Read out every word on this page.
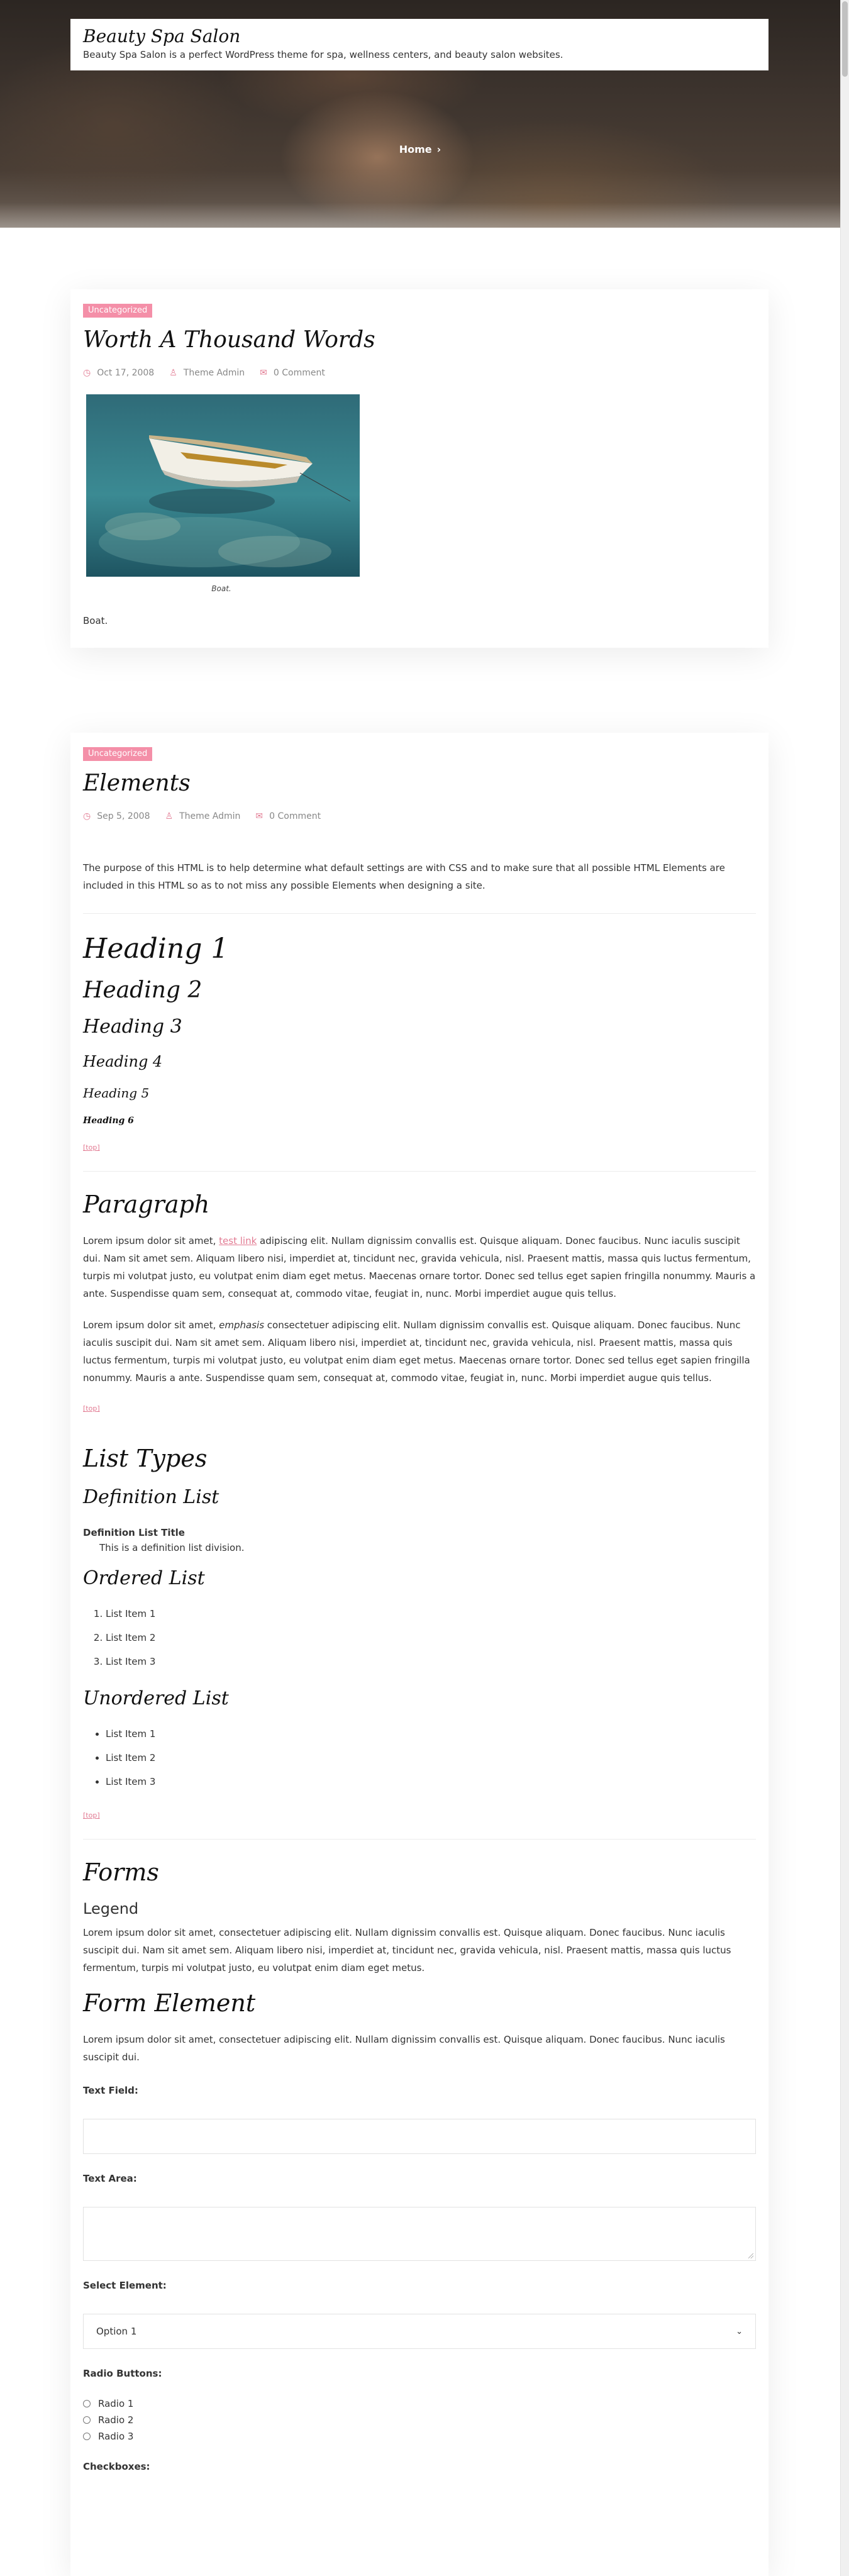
Beauty Spa Salon
Beauty Spa Salon is a perfect WordPress theme for spa, wellness centers, and beauty salon websites.
Home ›
Uncategorized
Worth A Thousand Words
◷ Oct 17, 2008 ♙ Theme Admin ✉ 0 Comment
Boat.
Boat.
Uncategorized
Elements
◷ Sep 5, 2008 ♙ Theme Admin ✉ 0 Comment

The purpose of this HTML is to help determine what default settings are with CSS and to make sure that all possible HTML Elements are included in this HTML so as to not miss any possible Elements when designing a site.

Heading 1
Heading 2
Heading 3
Heading 4
Heading 5
Heading 6
[top]
Paragraph

Lorem ipsum dolor sit amet, test link adipiscing elit. Nullam dignissim convallis est. Quisque aliquam. Donec faucibus. Nunc iaculis suscipit dui. Nam sit amet sem. Aliquam libero nisi, imperdiet at, tincidunt nec, gravida vehicula, nisl. Praesent mattis, massa quis luctus fermentum, turpis mi volutpat justo, eu volutpat enim diam eget metus. Maecenas ornare tortor. Donec sed tellus eget sapien fringilla nonummy. Mauris a ante. Suspendisse quam sem, consequat at, commodo vitae, feugiat in, nunc. Morbi imperdiet augue quis tellus.

Lorem ipsum dolor sit amet, emphasis consectetuer adipiscing elit. Nullam dignissim convallis est. Quisque aliquam. Donec faucibus. Nunc iaculis suscipit dui. Nam sit amet sem. Aliquam libero nisi, imperdiet at, tincidunt nec, gravida vehicula, nisl. Praesent mattis, massa quis luctus fermentum, turpis mi volutpat justo, eu volutpat enim diam eget metus. Maecenas ornare tortor. Donec sed tellus eget sapien fringilla nonummy. Mauris a ante. Suspendisse quam sem, consequat at, commodo vitae, feugiat in, nunc. Morbi imperdiet augue quis tellus.

[top]
List Types
Definition List
Definition List Title
This is a definition list division.
Ordered List
1. List Item 1
2. List Item 2
3. List Item 3
Unordered List
• List Item 1
• List Item 2
• List Item 3
[top]
Forms
Legend

Lorem ipsum dolor sit amet, consectetuer adipiscing elit. Nullam dignissim convallis est. Quisque aliquam. Donec faucibus. Nunc iaculis suscipit dui. Nam sit amet sem. Aliquam libero nisi, imperdiet at, tincidunt nec, gravida vehicula, nisl. Praesent mattis, massa quis luctus fermentum, turpis mi volutpat justo, eu volutpat enim diam eget metus.

Form Element

Lorem ipsum dolor sit amet, consectetuer adipiscing elit. Nullam dignissim convallis est. Quisque aliquam. Donec faucibus. Nunc iaculis suscipit dui.

Text Field:
Text Area:
Select Element:
Option 1	⌄
Radio Buttons:
Radio 1
Radio 2
Radio 3
Checkboxes:
